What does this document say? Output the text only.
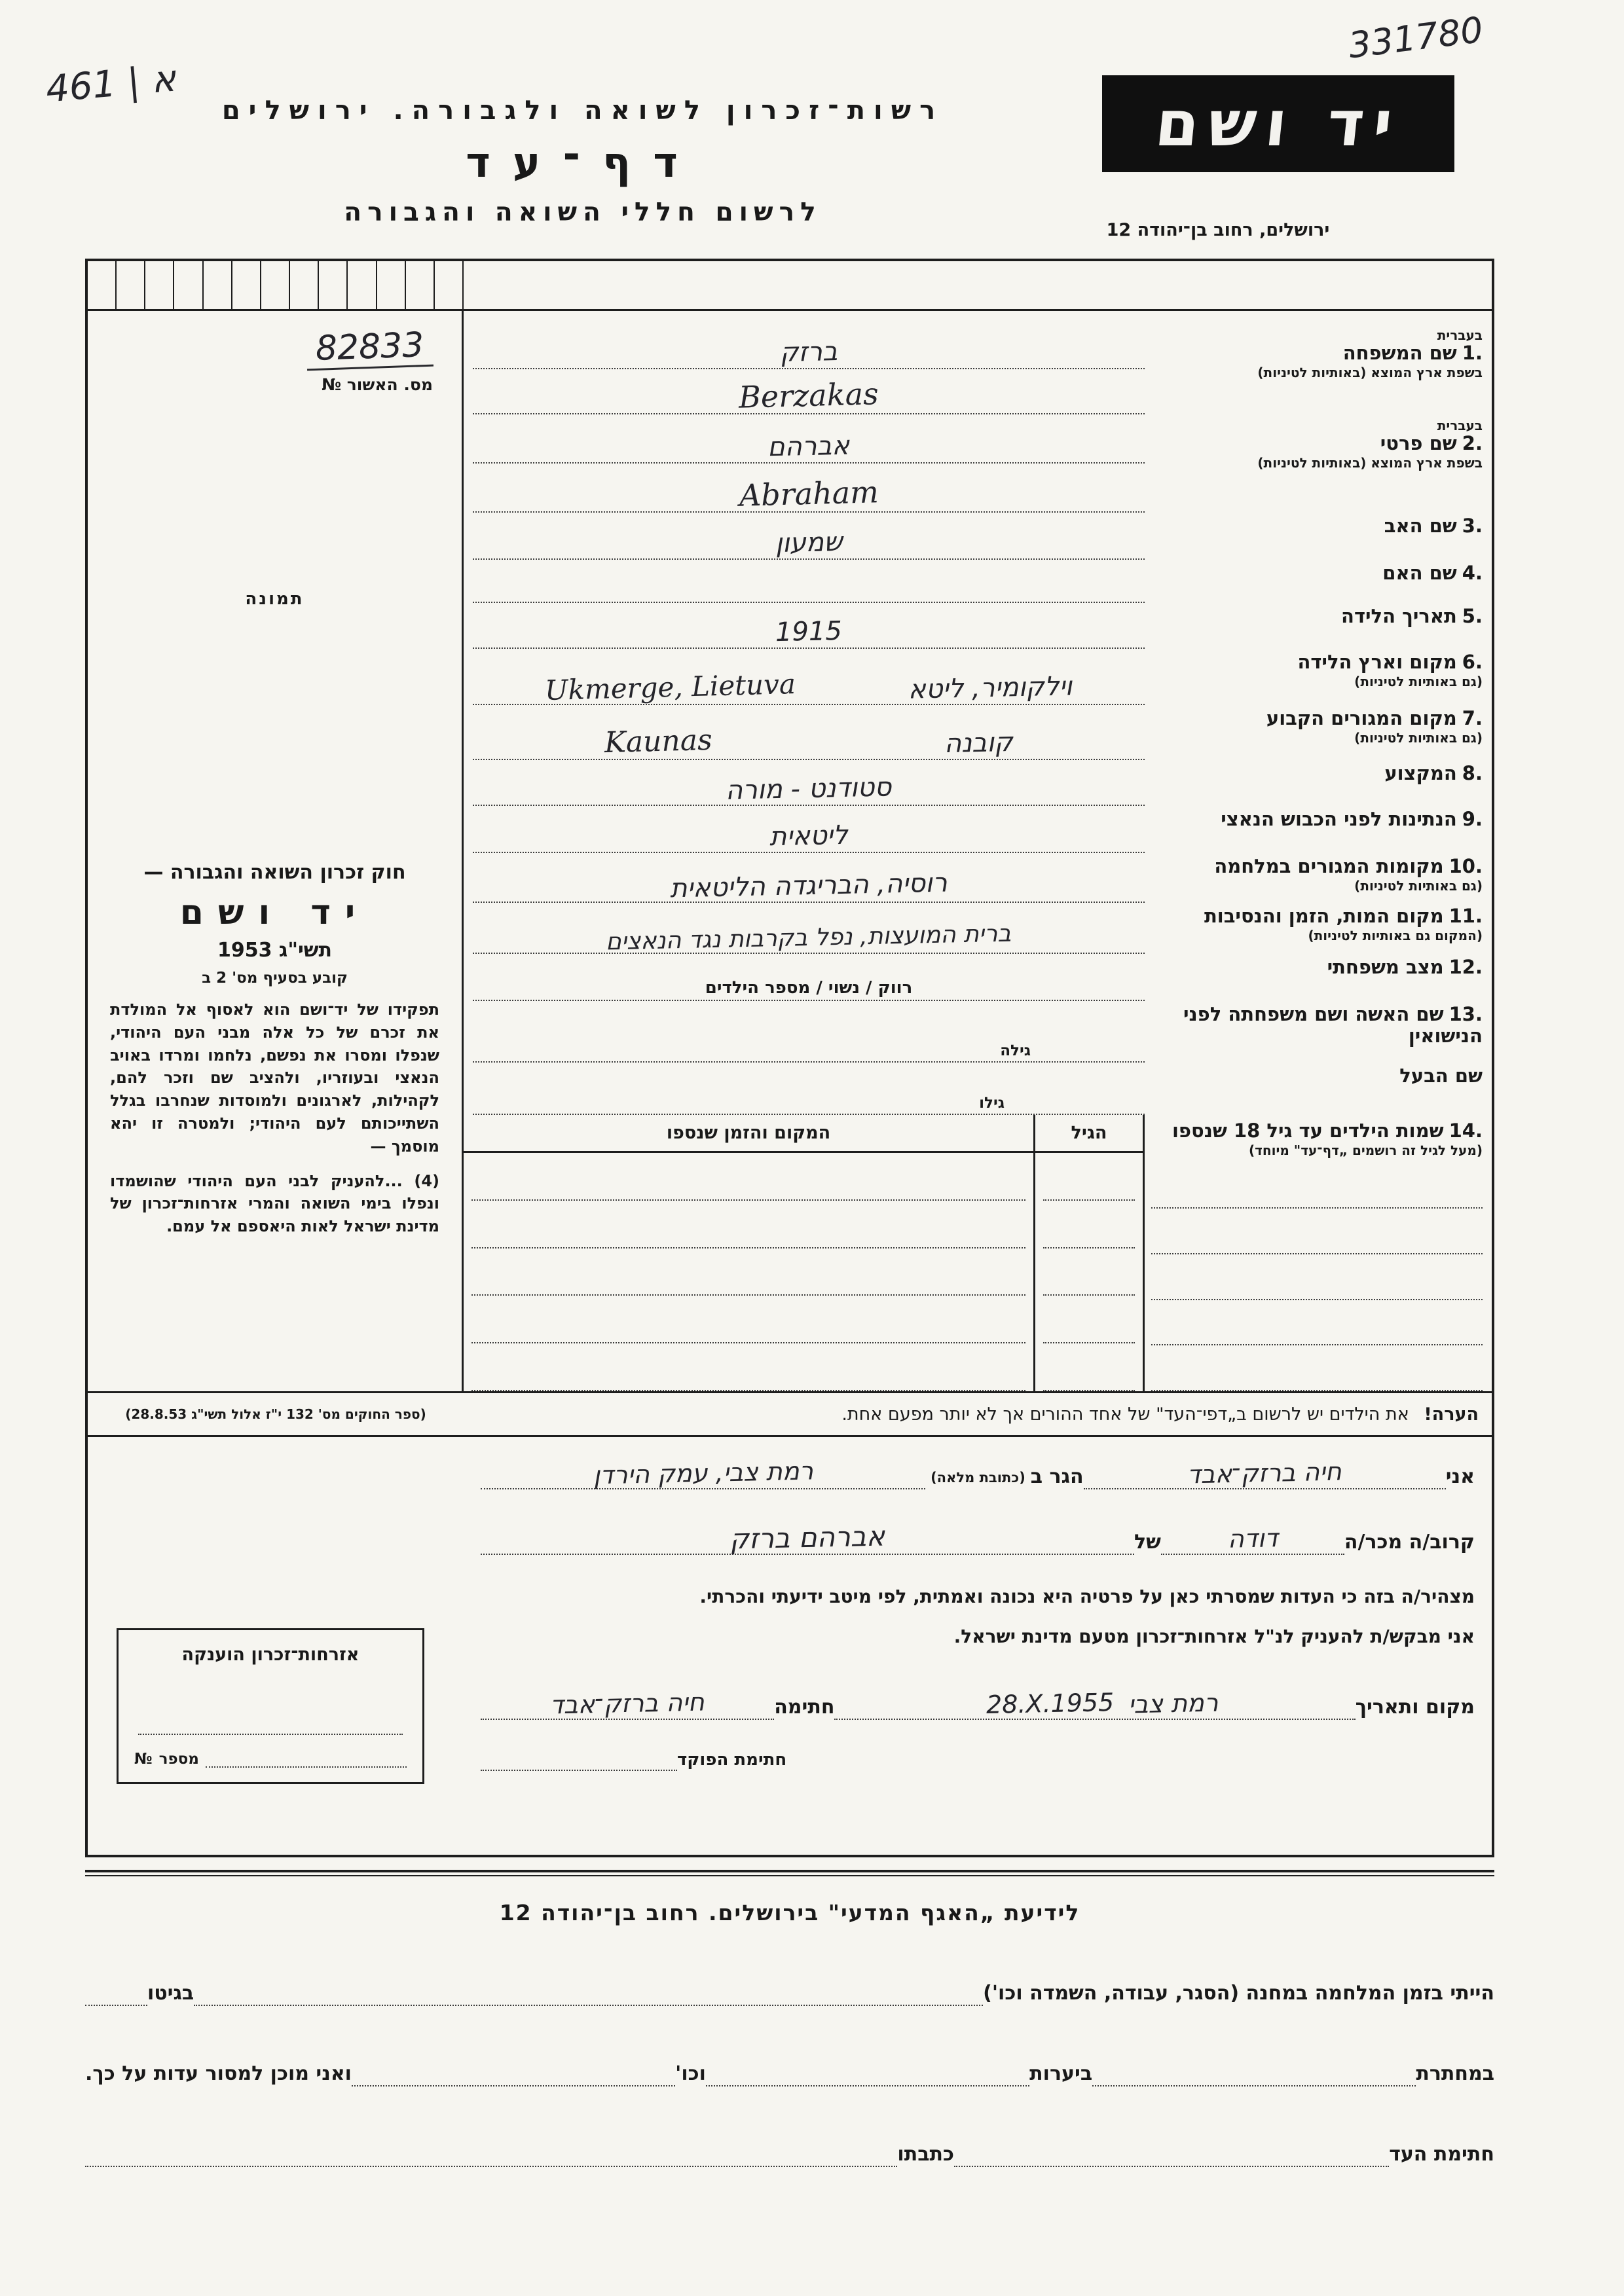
461 | א
331780
רשות־זכרון לשואה ולגבורה. ירושלים
דף־עד
לרשום חללי השואה והגבורה
יד ושם
ירושלים, רחוב בן־יהודה 12
בעברית
1.שם המשפחה
בשפת ארץ המוצא (באותיות לטיניות)
ברזק
Berzakas
בעברית
2.שם פרטי
בשפת ארץ המוצא (באותיות לטיניות)
אברהם
Abraham
3.שם האב
שמעון
4.שם האם
5.תאריך הלידה
1915
6.מקום וארץ הלידה
(גם באותיות לטיניות)
וילקומיר, ליטא
Ukmerge, Lietuva
7.מקום המגורים הקבוע
(גם באותיות לטיניות)
קובנה
Kaunas
8.המקצוע
סטודנט - מורה
9.הנתינות לפני הכבוש הנאצי
ליטאית
10.מקומות המגורים במלחמה
(גם באותיות לטיניות)
רוסיה, הבריגדה הליטאית
11.מקום המות, הזמן והנסיבות
(המקום גם באותיות לטיניות)
ברית המועצות, נפל בקרבות נגד הנאצים
12.מצב משפחתי
רווק / נשוי / מספר הילדים
13.שם האשה ושם משפחתה לפני הנישואין
גילה
שם הבעל
גילו
14.שמות הילדים עד גיל 18 שנספו
(מעל לגיל זה רושמים „דף־עד" מיוחד)
הגיל
המקום והזמן שנספו
82833
מס. האשור №
תמונה
חוק זכרון השואה והגבורה —
יד ושם
תשי"ג 1953
קובע בסעיף מס' 2 ב
תפקידו של יד־ושם הוא לאסוף אל המולדת את זכרם של כל אלה מבני העם היהודי, שנפלו ומסרו את נפשם, נלחמו ומרדו באויב הנאצי ובעוזריו, ולהציב שם וזכר להם, לקהילות, לארגונים ולמוסדות שנחרבו בגלל השתייכותם לעם היהודי; ולמטרה זו יהא מוסמך —
(4) ...להעניק לבני העם היהודי שהושמדו ונפלו בימי השואה והמרי אזרחות־זכרון של מדינת ישראל לאות היאספם אל עמם.
הערה! את הילדים יש לרשום ב„דפי־העד" של אחד ההורים אך לא יותר מפעם אחת.
(ספר החוקים מס' 132 י"ז אלול תשי"ג 28.8.53)
אני
חיה ברזק־אבד
הגר ב
(כתובת מלאה)
רמת צבי, עמק הירדן
קרוב/ה מכר/ה
דודה
של
אברהם ברזק
מצהיר/ה בזה כי העדות שמסרתי כאן על פרטיה היא נכונה ואמתית, לפי מיטב ידיעתי והכרתי.
אני מבקש/ת להעניק לנ"ל אזרחות־זכרון מטעם מדינת ישראל.
מקום ותאריך
רמת צבי
28.X.1955
חתימה
חיה ברזק־אבד
חתימת הפוקד
אזרחות־זכרון הוענקה
מספר
№
לידיעת „האגף המדעי" בירושלים. רחוב בן־יהודה 12
הייתי בזמן המלחמה במחנה (הסגר, עבודה, השמדה וכו')
בגיטו
במחתרת
ביערות
וכו'
ואני מוכן למסור עדות על כך.
חתימת העד
כתבתו
